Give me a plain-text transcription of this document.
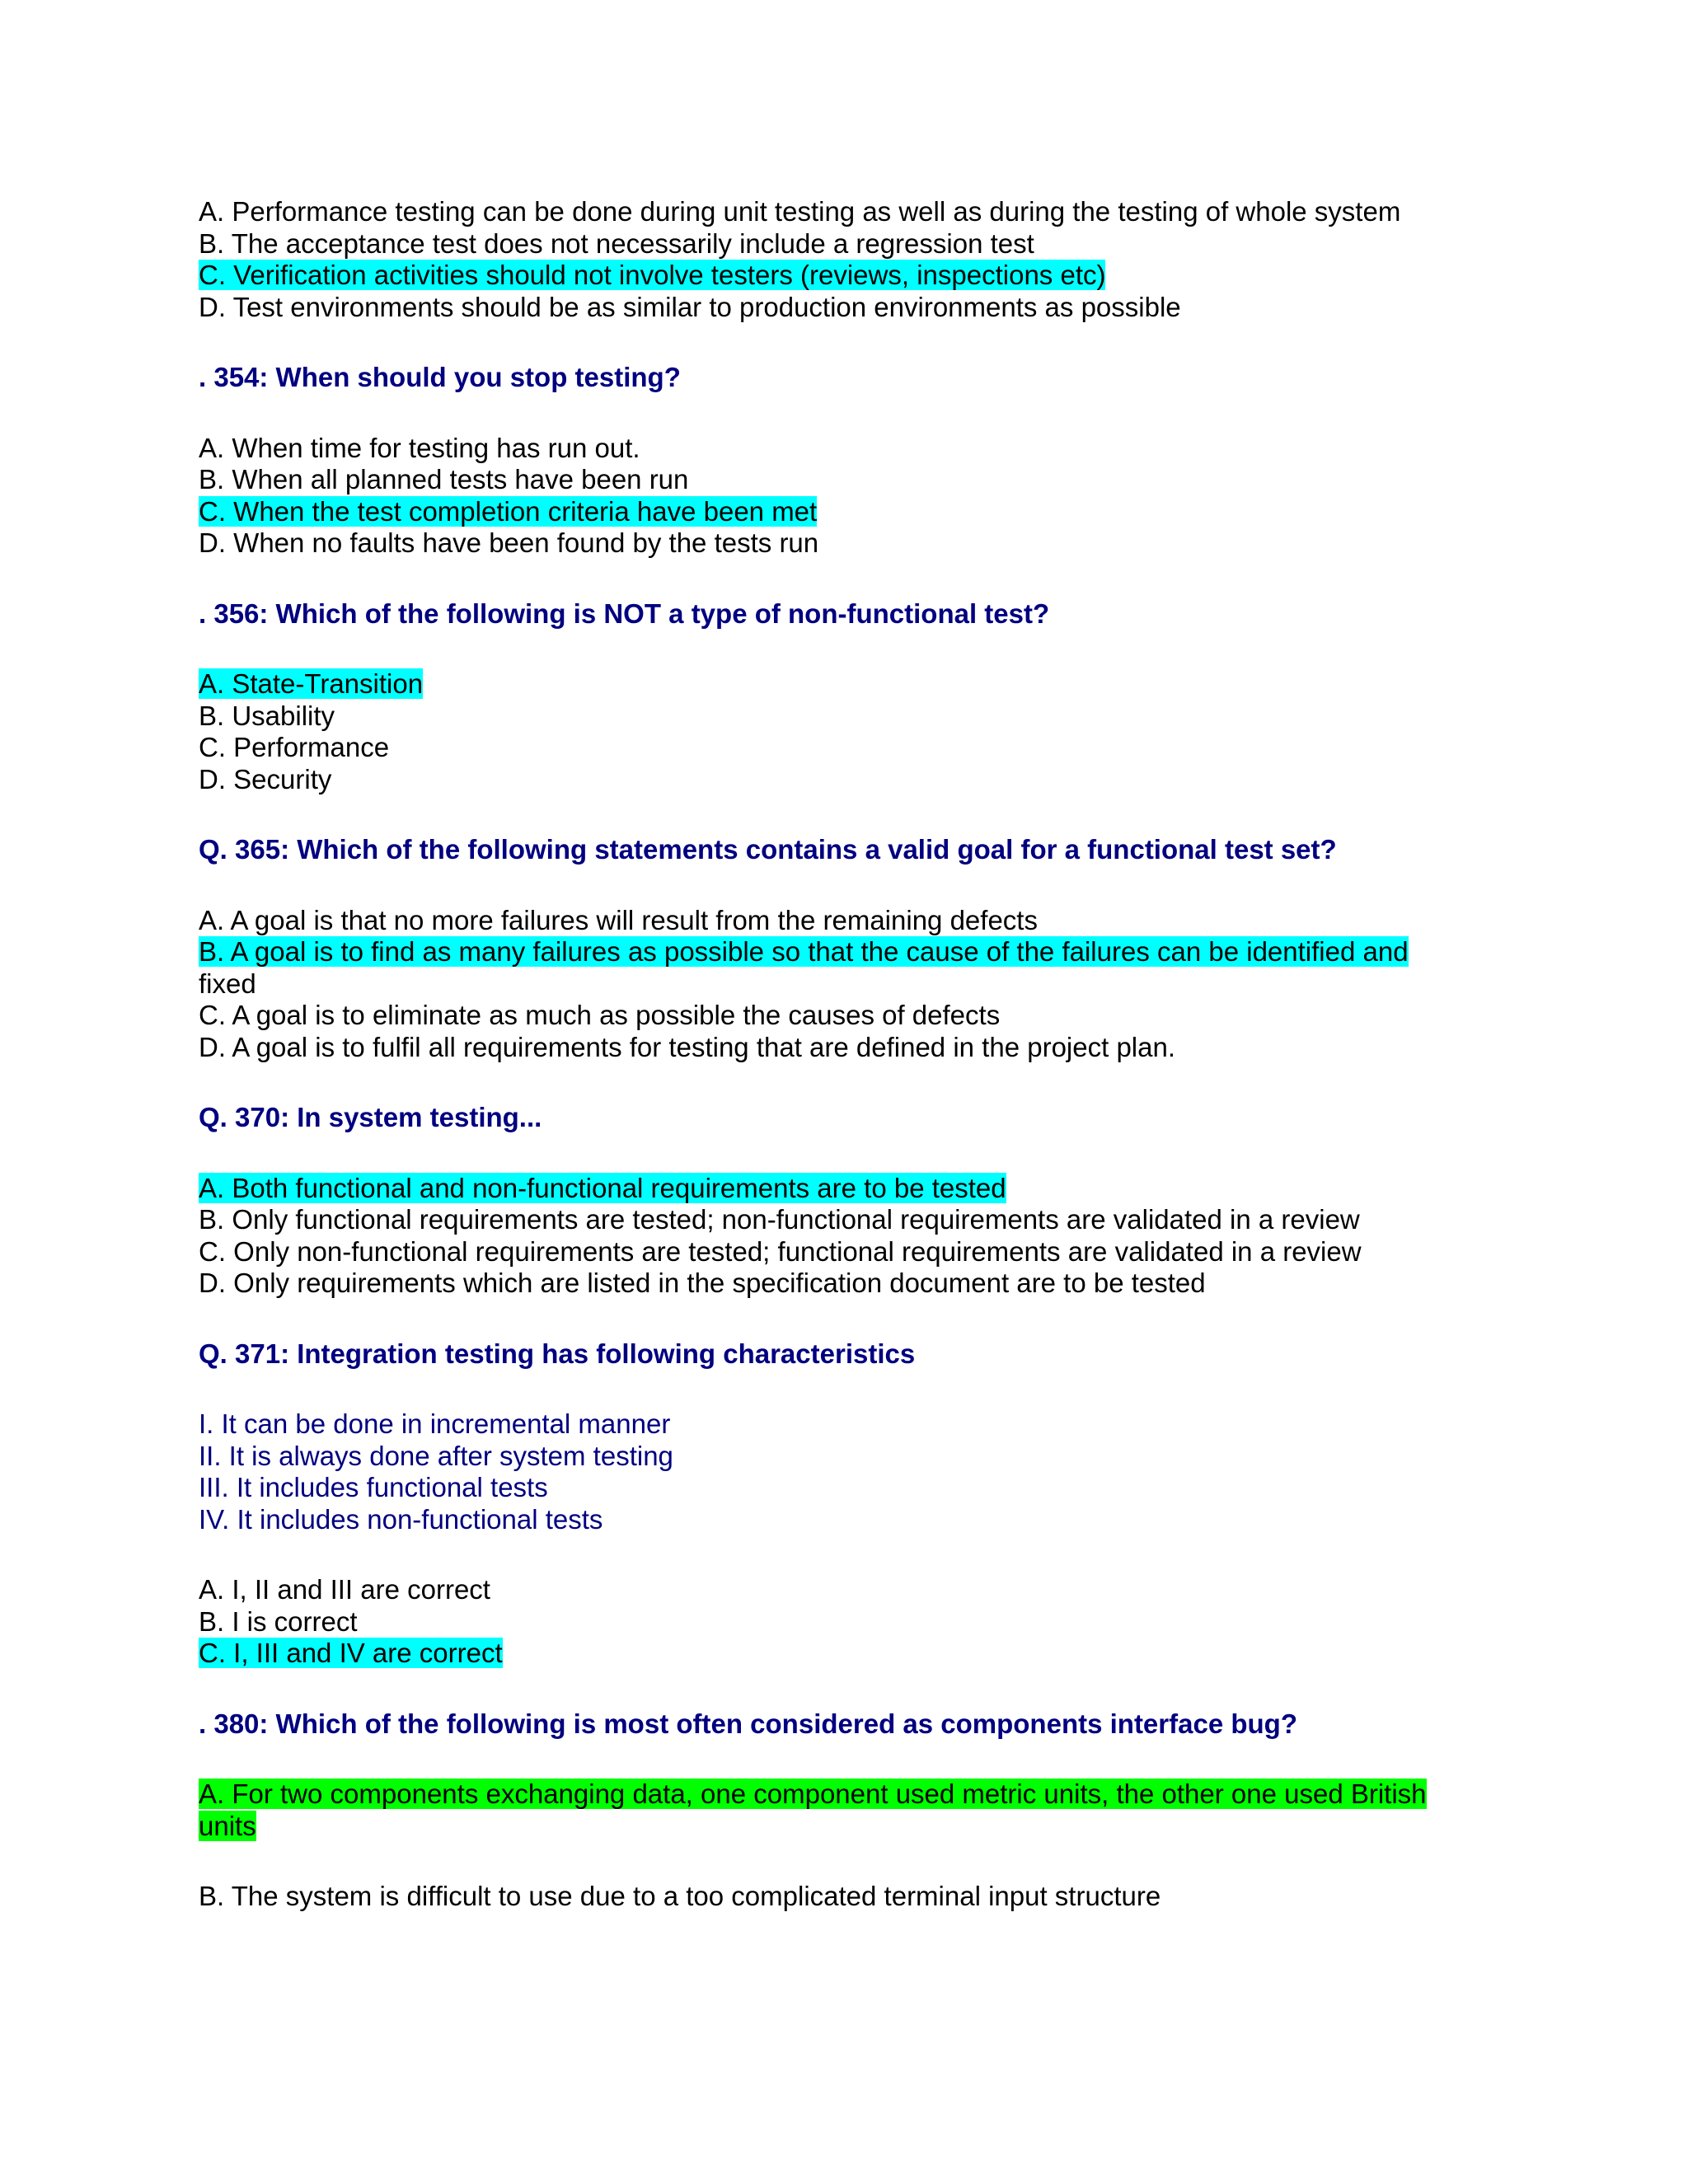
A. Performance testing can be done during unit testing as well as during the testing of whole system

B. The acceptance test does not necessarily include a regression test

C. Verification activities should not involve testers (reviews, inspections etc)

D. Test environments should be as similar to production environments as possible

. 354: When should you stop testing?

A. When time for testing has run out.

B. When all planned tests have been run

C. When the test completion criteria have been met

D. When no faults have been found by the tests run

. 356: Which of the following is NOT a type of non-functional test?

A. State-Transition

B. Usability

C. Performance

D. Security

Q. 365: Which of the following statements contains a valid goal for a functional test set?

A. A goal is that no more failures will result from the remaining defects

B. A goal is to find as many failures as possible so that the cause of the failures can be identified and

fixed

C. A goal is to eliminate as much as possible the causes of defects

D. A goal is to fulfil all requirements for testing that are defined in the project plan.

Q. 370: In system testing...

A. Both functional and non-functional requirements are to be tested

B. Only functional requirements are tested; non-functional requirements are validated in a review

C. Only non-functional requirements are tested; functional requirements are validated in a review

D. Only requirements which are listed in the specification document are to be tested

Q. 371: Integration testing has following characteristics

I. It can be done in incremental manner

II. It is always done after system testing

III. It includes functional tests

IV. It includes non-functional tests

A. I, II and III are correct

B. I is correct

C. I, III and IV are correct

. 380: Which of the following is most often considered as components interface bug?

A. For two components exchanging data, one component used metric units, the other one used British

units

B. The system is difficult to use due to a too complicated terminal input structure
